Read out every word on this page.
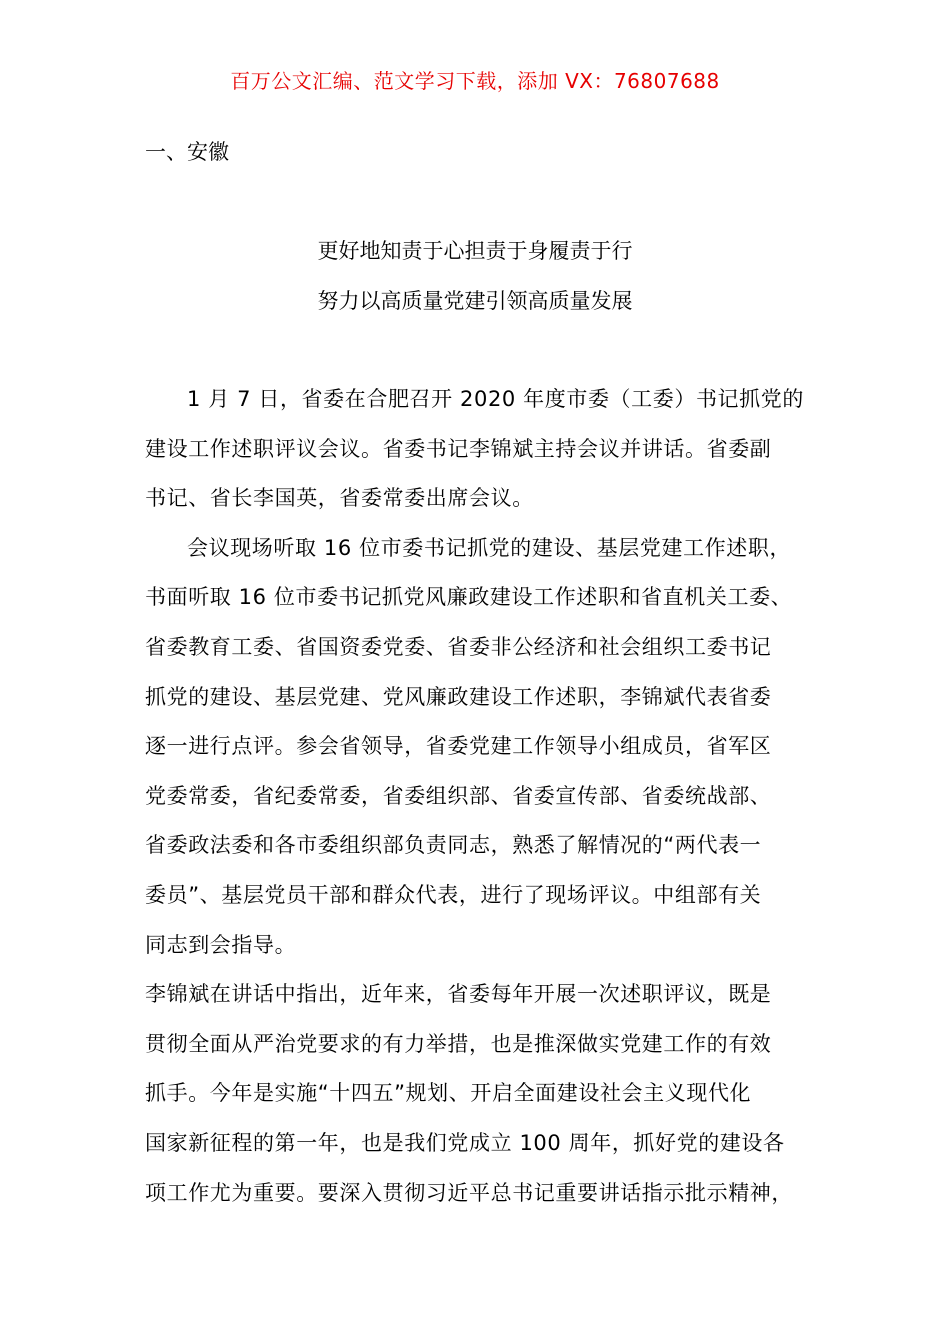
百万公文汇编、范文学习下载，添加 VX：76807688
一、安徽
更好地知责于心担责于身履责于行
努力以高质量党建引领高质量发展

1 月 7 日，省委在合肥召开 2020 年度市委（工委）书记抓党的
建设工作述职评议会议。省委书记李锦斌主持会议并讲话。省委副
书记、省长李国英，省委常委出席会议。

会议现场听取 16 位市委书记抓党的建设、基层党建工作述职，
书面听取 16 位市委书记抓党风廉政建设工作述职和省直机关工委、
省委教育工委、省国资委党委、省委非公经济和社会组织工委书记
抓党的建设、基层党建、党风廉政建设工作述职，李锦斌代表省委
逐一进行点评。参会省领导，省委党建工作领导小组成员，省军区
党委常委，省纪委常委，省委组织部、省委宣传部、省委统战部、
省委政法委和各市委组织部负责同志，熟悉了解情况的“两代表一
委员”、基层党员干部和群众代表，进行了现场评议。中组部有关
同志到会指导。

李锦斌在讲话中指出，近年来，省委每年开展一次述职评议，既是
贯彻全面从严治党要求的有力举措，也是推深做实党建工作的有效
抓手。今年是实施“十四五”规划、开启全面建设社会主义现代化
国家新征程的第一年，也是我们党成立 100 周年，抓好党的建设各
项工作尤为重要。要深入贯彻习近平总书记重要讲话指示批示精神，
